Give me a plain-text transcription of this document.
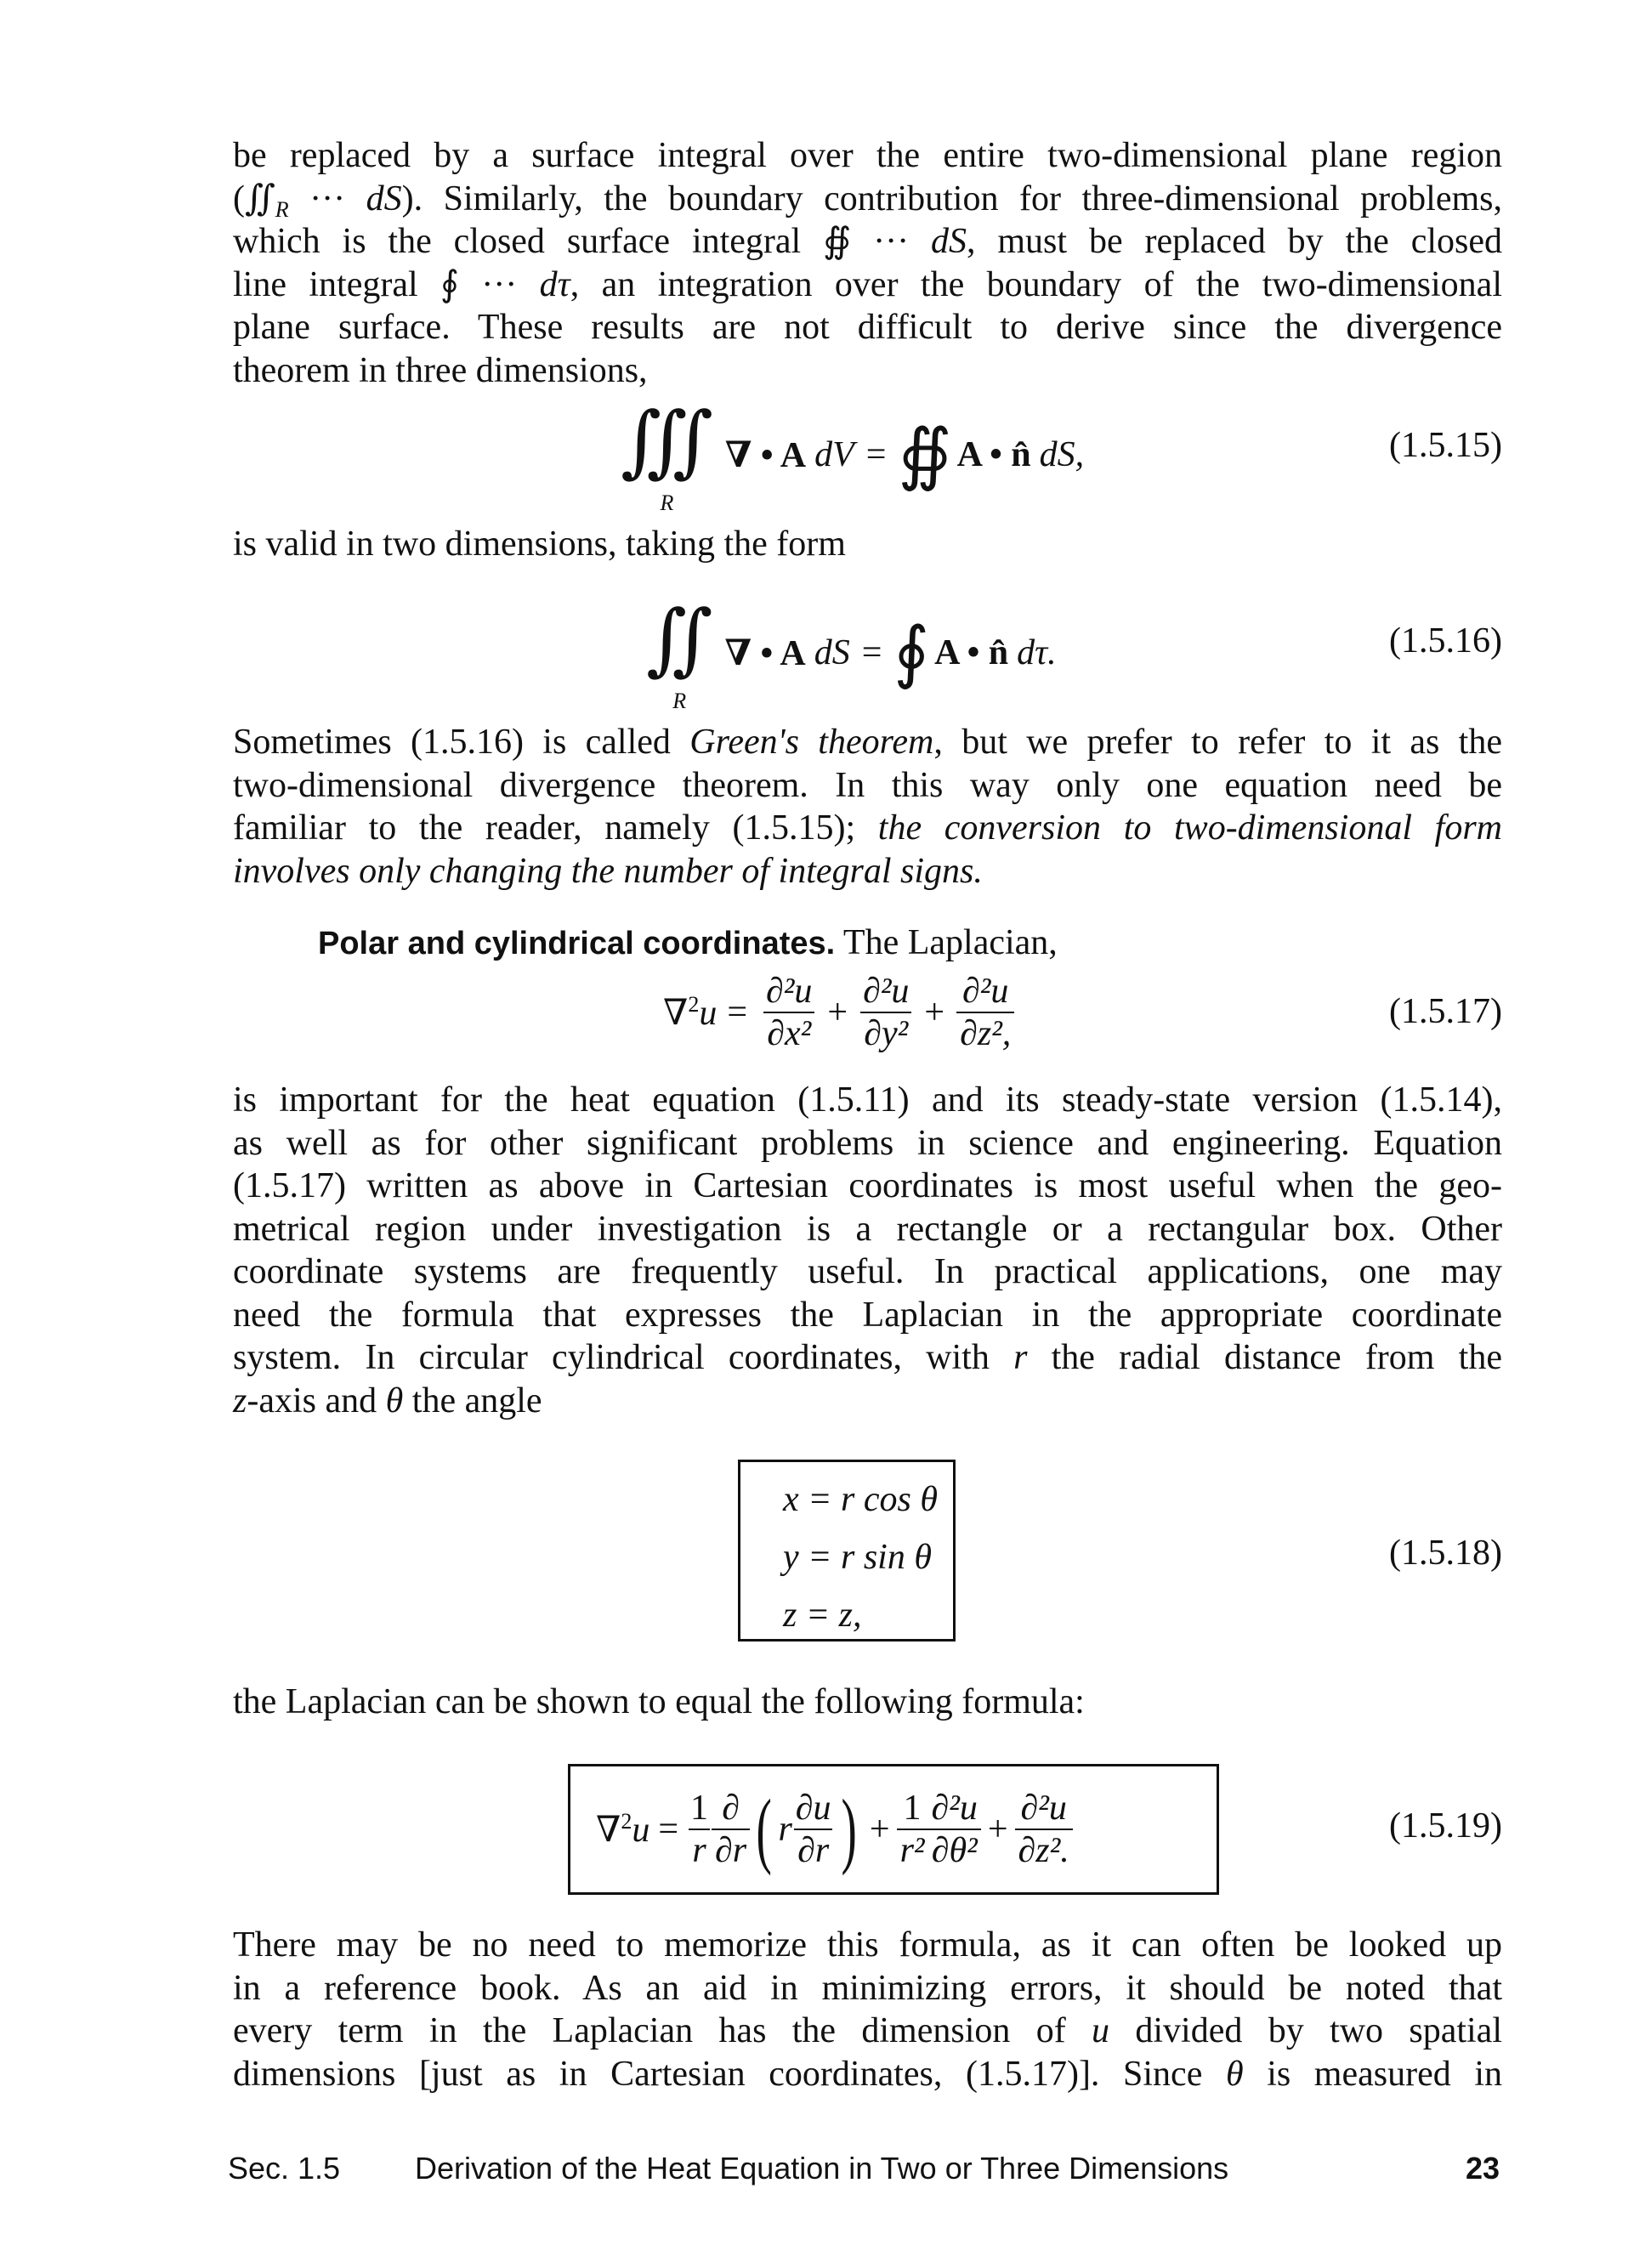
be replaced by a surface integral over the entire two-dimensional plane region
($∬_R$ ··· dS). Similarly, the boundary contribution for three-dimensional problems,
which is the closed surface integral ∯ ··· dS, must be replaced by the closed
line integral ∮ ··· dτ, an integration over the boundary of the two-dimensional
plane surface. These results are not difficult to derive since the divergence
theorem in three dimensions,
∭
R
∇ • A dV = ∯ A • n̂ dS,	(1.5.15)
is valid in two dimensions, taking the form
∬
R
∇ • A dS = ∮ A • n̂ dτ.	(1.5.16)
Sometimes (1.5.16) is called Green's theorem, but we prefer to refer to it as the
two-dimensional divergence theorem. In this way only one equation need be
familiar to the reader, namely (1.5.15); the conversion to two-dimensional form
involves only changing the number of integral signs.
Polar and cylindrical coordinates. The Laplacian,
$\nabla^2u = \frac{\text{∂²u}}{\text{∂x²}} + \frac{\text{∂²u}}{\text{∂y²}} + \frac{\text{∂²u}}{\text{∂z²,}}$	(1.5.17)
is important for the heat equation (1.5.11) and its steady-state version (1.5.14),
as well as for other significant problems in science and engineering. Equation
(1.5.17) written as above in Cartesian coordinates is most useful when the geo-
metrical region under investigation is a rectangle or a rectangular box. Other
coordinate systems are frequently useful. In practical applications, one may
need the formula that expresses the Laplacian in the appropriate coordinate
system. In circular cylindrical coordinates, with r the radial distance from the
z-axis and θ the angle
x = r cos θ
y = r sin θ
z = z,
(1.5.18)
the Laplacian can be shown to equal the following formula:
$\nabla^2u = \frac{1}{r} \frac{\partial}{\partial r}$ ( r $\frac{\partial u}{\partial r}$ ) + $\frac{1}{\text{r²}} \frac{\text{∂²u}}{\text{∂θ²}} + \frac{\text{∂²u}}{\text{∂z².}}$	(1.5.19)
There may be no need to memorize this formula, as it can often be looked up
in a reference book. As an aid in minimizing errors, it should be noted that
every term in the Laplacian has the dimension of u divided by two spatial
dimensions [just as in Cartesian coordinates, (1.5.17)]. Since θ is measured in
Sec. 1.5 Derivation of the Heat Equation in Two or Three Dimensions	23
